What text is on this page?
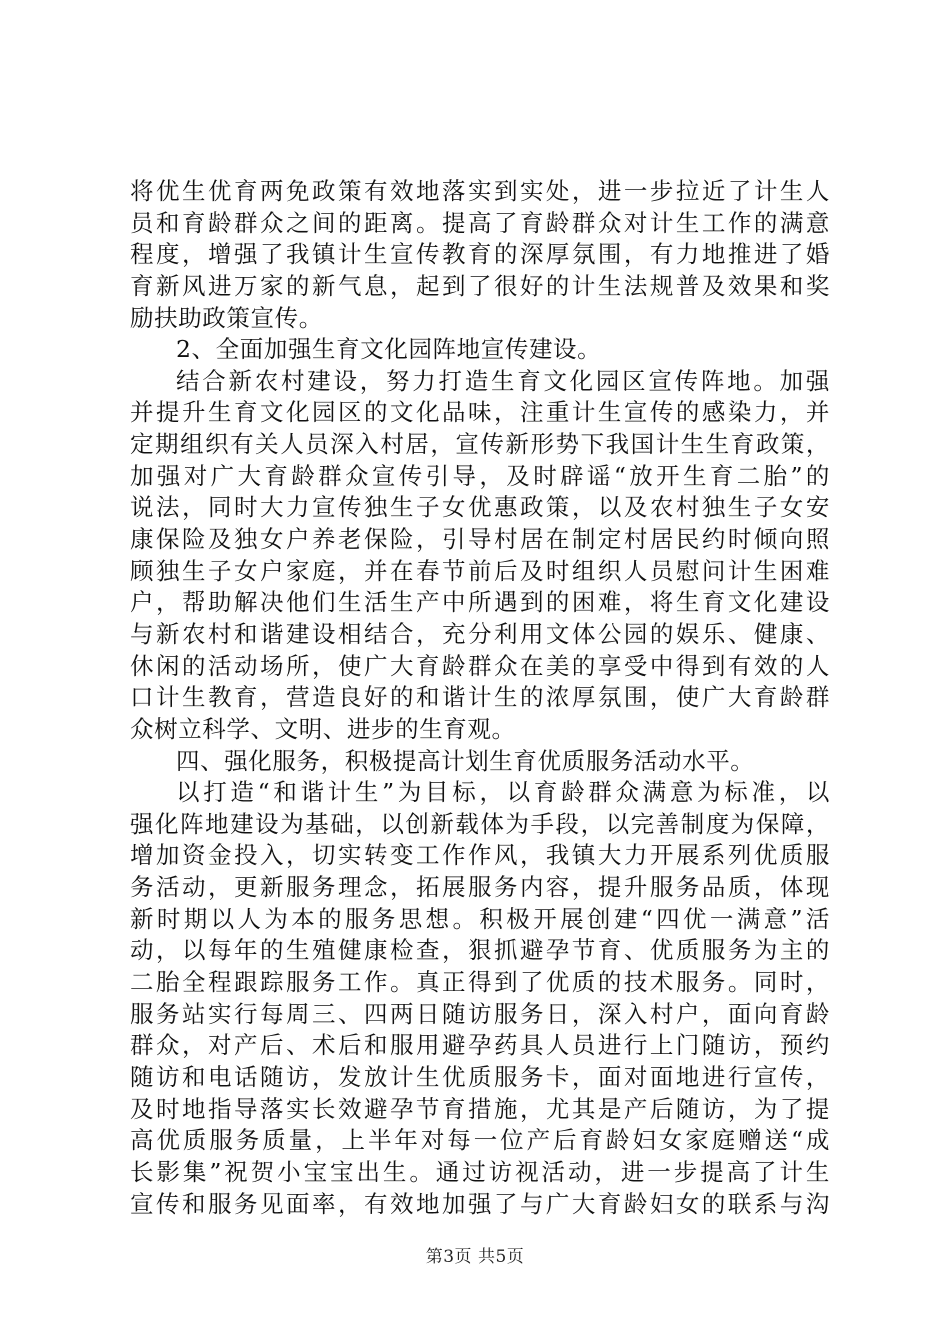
将优生优育两免政策有效地落实到实处，进一步拉近了计生人
员和育龄群众之间的距离。提高了育龄群众对计生工作的满意
程度，增强了我镇计生宣传教育的深厚氛围，有力地推进了婚
育新风进万家的新气息，起到了很好的计生法规普及效果和奖
励扶助政策宣传。
2、全面加强生育文化园阵地宣传建设。
结合新农村建设，努力打造生育文化园区宣传阵地。加强
并提升生育文化园区的文化品味，注重计生宣传的感染力，并
定期组织有关人员深入村居，宣传新形势下我国计生生育政策，
加强对广大育龄群众宣传引导，及时辟谣“放开生育二胎”的
说法，同时大力宣传独生子女优惠政策，以及农村独生子女安
康保险及独女户养老保险，引导村居在制定村居民约时倾向照
顾独生子女户家庭，并在春节前后及时组织人员慰问计生困难
户，帮助解决他们生活生产中所遇到的困难，将生育文化建设
与新农村和谐建设相结合，充分利用文体公园的娱乐、健康、
休闲的活动场所，使广大育龄群众在美的享受中得到有效的人
口计生教育，营造良好的和谐计生的浓厚氛围，使广大育龄群
众树立科学、文明、进步的生育观。
四、强化服务，积极提高计划生育优质服务活动水平。
以打造“和谐计生”为目标，以育龄群众满意为标准，以
强化阵地建设为基础，以创新载体为手段，以完善制度为保障，
增加资金投入，切实转变工作作风，我镇大力开展系列优质服
务活动，更新服务理念，拓展服务内容，提升服务品质，体现
新时期以人为本的服务思想。积极开展创建“四优一满意”活
动，以每年的生殖健康检查，狠抓避孕节育、优质服务为主的
二胎全程跟踪服务工作。真正得到了优质的技术服务。同时，
服务站实行每周三、四两日随访服务日，深入村户，面向育龄
群众，对产后、术后和服用避孕药具人员进行上门随访，预约
随访和电话随访，发放计生优质服务卡，面对面地进行宣传，
及时地指导落实长效避孕节育措施，尤其是产后随访，为了提
高优质服务质量，上半年对每一位产后育龄妇女家庭赠送“成
长影集”祝贺小宝宝出生。通过访视活动，进一步提高了计生
宣传和服务见面率，有效地加强了与广大育龄妇女的联系与沟
第3页 共5页
